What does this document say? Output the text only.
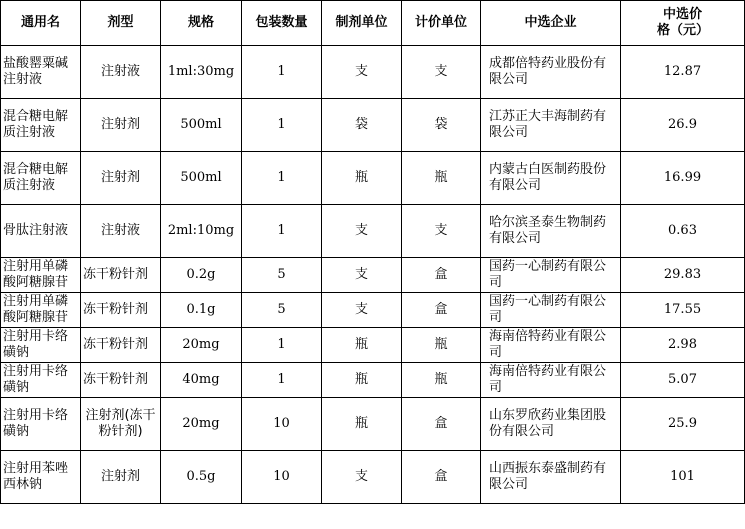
通用名	剂型	规格	包装数量	制剂单位	计价单位	中选企业	中选价格（元）
盐酸罂粟碱注射液	注射液	1ml:30mg	1	支	支	成都倍特药业股份有限公司	12.87
混合糖电解质注射液	注射剂	500ml	1	袋	袋	江苏正大丰海制药有限公司	26.9
混合糖电解质注射液	注射剂	500ml	1	瓶	瓶	内蒙古白医制药股份有限公司	16.99
骨肽注射液	注射液	2ml:10mg	1	支	支	哈尔滨圣泰生物制药有限公司	0.63
注射用单磷酸阿糖腺苷	冻干粉针剂	0.2g	5	支	盒	国药一心制药有限公司	29.83
注射用单磷酸阿糖腺苷	冻干粉针剂	0.1g	5	支	盒	国药一心制药有限公司	17.55
注射用卡络磺钠	冻干粉针剂	20mg	1	瓶	瓶	海南倍特药业有限公司	2.98
注射用卡络磺钠	冻干粉针剂	40mg	1	瓶	瓶	海南倍特药业有限公司	5.07
注射用卡络磺钠	注射剂(冻干粉针剂)	20mg	10	瓶	盒	山东罗欣药业集团股份有限公司	25.9
注射用苯唑西林钠	注射剂	0.5g	10	支	盒	山西振东泰盛制药有限公司	101
